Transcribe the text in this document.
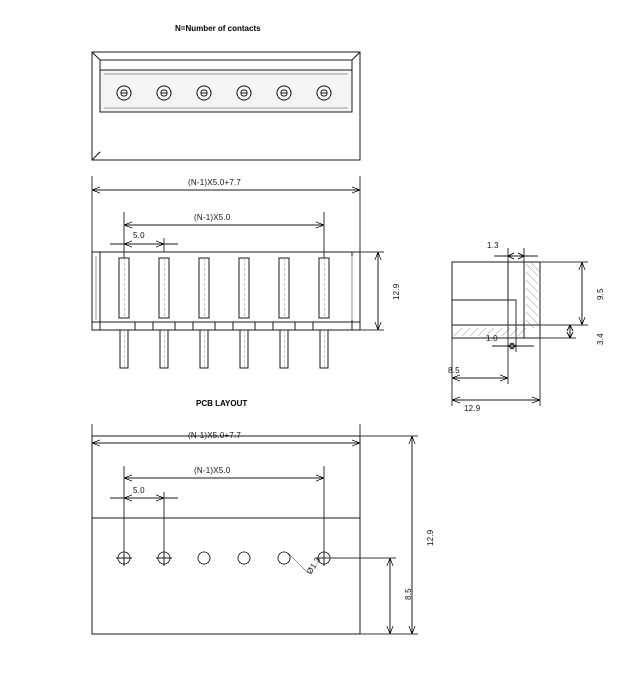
N=Number of contacts
PCB LAYOUT
(N-1)X5.0+7.7
(N-1)X5.0
5.0
12.9
1.3
9.5
3.4
1.0
8.5
12.9
(N-1)X5.0+7.7
(N-1)X5.0
5.0
12.9
8.5
Ø1.3
